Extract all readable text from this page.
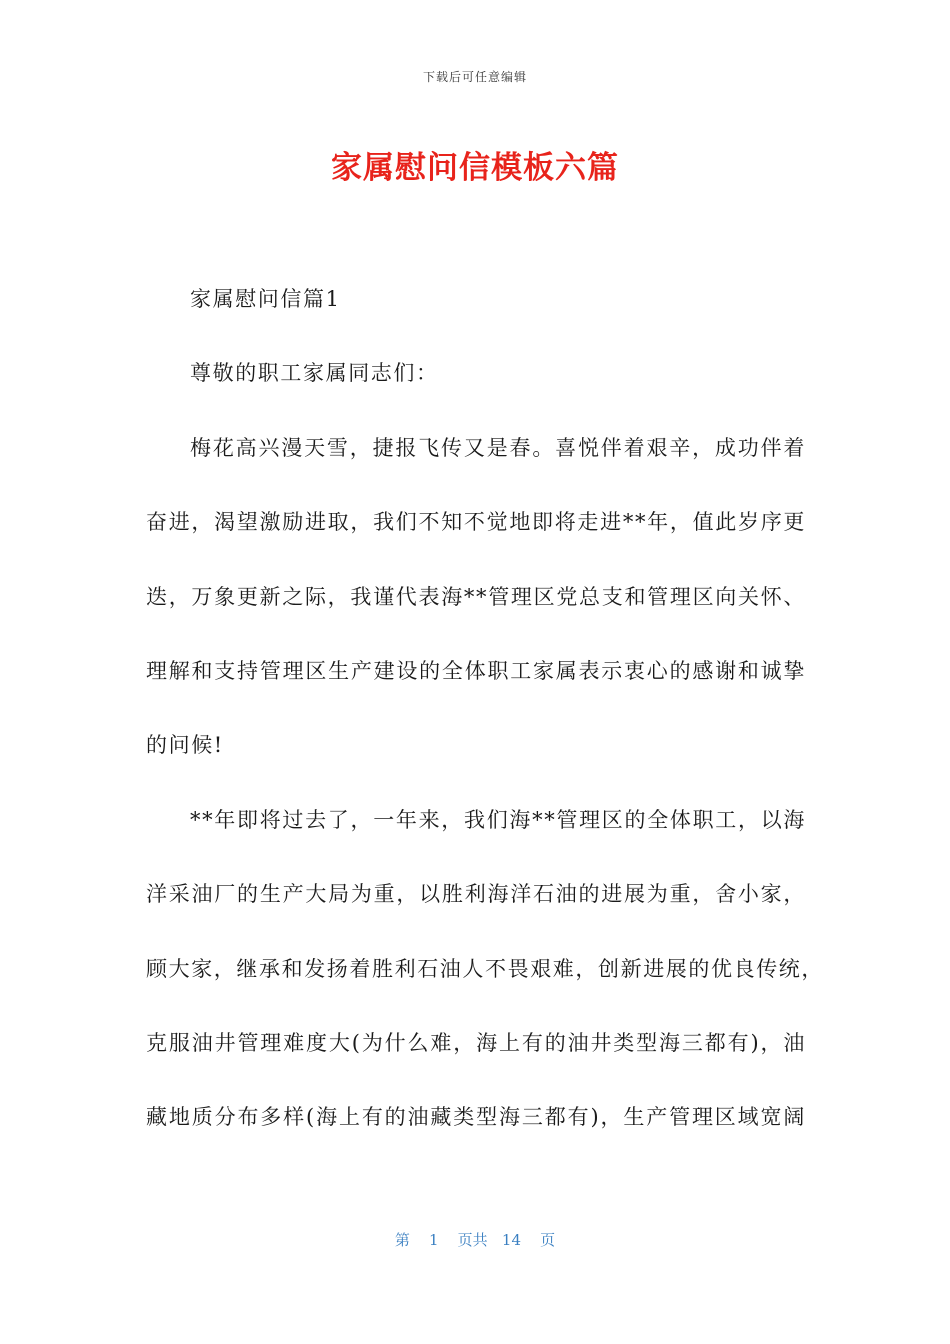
下载后可任意编辑
家属慰问信模板六篇
家属慰问信篇1
尊敬的职工家属同志们：
梅花高兴漫天雪，捷报飞传又是春。喜悦伴着艰辛，成功伴着
奋进，渴望激励进取，我们不知不觉地即将走进**年，值此岁序更
迭，万象更新之际，我谨代表海**管理区党总支和管理区向关怀、
理解和支持管理区生产建设的全体职工家属表示衷心的感谢和诚挚
的问候!
**年即将过去了，一年来，我们海**管理区的全体职工，以海
洋采油厂的生产大局为重，以胜利海洋石油的进展为重，舍小家，
顾大家，继承和发扬着胜利石油人不畏艰难，创新进展的优良传统，
克服油井管理难度大(为什么难，海上有的油井类型海三都有)，油
藏地质分布多样(海上有的油藏类型海三都有)，生产管理区域宽阔
第 1 页共 14 页
